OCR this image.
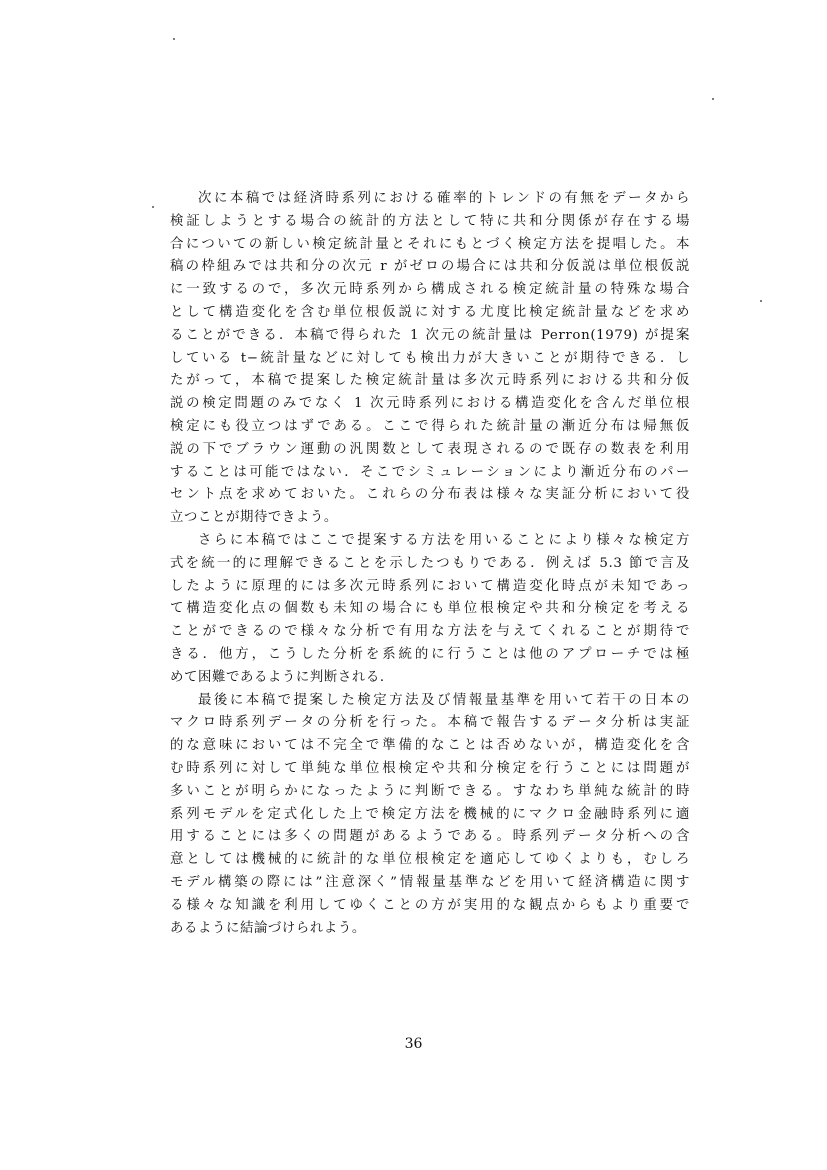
次に本稿では経済時系列における確率的トレンドの有無をデータから
検証しようとする場合の統計的方法として特に共和分関係が存在する場
合についての新しい検定統計量とそれにもとづく検定方法を提唱した。本
稿の枠組みでは共和分の次元 r がゼロの場合には共和分仮説は単位根仮説
に一致するので，多次元時系列から構成される検定統計量の特殊な場合
として構造変化を含む単位根仮説に対する尤度比検定統計量などを求め
ることができる．本稿で得られた 1 次元の統計量は Perron(1979) が提案
している t−統計量などに対しても検出力が大きいことが期待できる．し
たがって，本稿で提案した検定統計量は多次元時系列における共和分仮
説の検定問題のみでなく 1 次元時系列における構造変化を含んだ単位根
検定にも役立つはずである。ここで得られた統計量の漸近分布は帰無仮
説の下でブラウン運動の汎関数として表現されるので既存の数表を利用
することは可能ではない．そこでシミュレーションにより漸近分布のパー
セント点を求めておいた。これらの分布表は様々な実証分析において役
立つことが期待できよう。
さらに本稿ではここで提案する方法を用いることにより様々な検定方
式を統一的に理解できることを示したつもりである．例えば 5.3 節で言及
したように原理的には多次元時系列において構造変化時点が未知であっ
て構造変化点の個数も未知の場合にも単位根検定や共和分検定を考える
ことができるので様々な分析で有用な方法を与えてくれることが期待で
きる．他方，こうした分析を系統的に行うことは他のアプローチでは極
めて困難であるように判断される．
最後に本稿で提案した検定方法及び情報量基準を用いて若干の日本の
マクロ時系列データの分析を行った。本稿で報告するデータ分析は実証
的な意味においては不完全で準備的なことは否めないが，構造変化を含
む時系列に対して単純な単位根検定や共和分検定を行うことには問題が
多いことが明らかになったように判断できる。すなわち単純な統計的時
系列モデルを定式化した上で検定方法を機械的にマクロ金融時系列に適
用することには多くの問題があるようである。時系列データ分析への含
意としては機械的に統計的な単位根検定を適応してゆくよりも，むしろ
モデル構築の際には”注意深く”情報量基準などを用いて経済構造に関す
る様々な知識を利用してゆくことの方が実用的な観点からもより重要で
あるように結論づけられよう。
36
